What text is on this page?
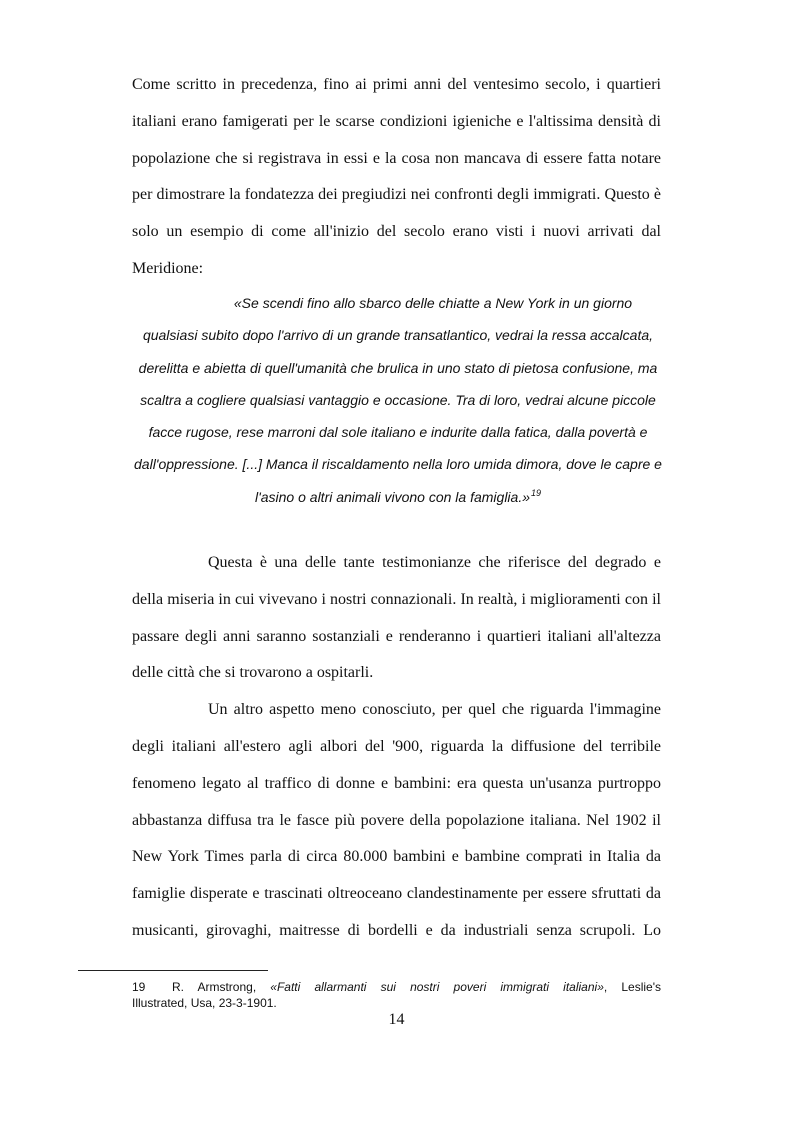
Come scritto in precedenza, fino ai primi anni del ventesimo secolo, i quartieri
italiani erano famigerati per le scarse condizioni igieniche e l'altissima densità di
popolazione che si registrava in essi e la cosa non mancava di essere fatta notare
per dimostrare la fondatezza dei pregiudizi nei confronti degli immigrati. Questo è
solo un esempio di come all'inizio del secolo erano visti i nuovi arrivati dal
Meridione:
«Se scendi fino allo sbarco delle chiatte a New York in un giorno
qualsiasi subito dopo l'arrivo di un grande transatlantico, vedrai la ressa accalcata,
derelitta e abietta di quell'umanità che brulica in uno stato di pietosa confusione, ma
scaltra a cogliere qualsiasi vantaggio e occasione. Tra di loro, vedrai alcune piccole
facce rugose, rese marroni dal sole italiano e indurite dalla fatica, dalla povertà e
dall'oppressione. [...] Manca il riscaldamento nella loro umida dimora, dove le capre e
l'asino o altri animali vivono con la famiglia.»$^{19}$
Questa è una delle tante testimonianze che riferisce del degrado e
della miseria in cui vivevano i nostri connazionali. In realtà, i miglioramenti con il
passare degli anni saranno sostanziali e renderanno i quartieri italiani all'altezza
delle città che si trovarono a ospitarli.
Un altro aspetto meno conosciuto, per quel che riguarda l'immagine
degli italiani all'estero agli albori del '900, riguarda la diffusione del terribile
fenomeno legato al traffico di donne e bambini: era questa un'usanza purtroppo
abbastanza diffusa tra le fasce più povere della popolazione italiana. Nel 1902 il
New York Times parla di circa 80.000 bambini e bambine comprati in Italia da
famiglie disperate e trascinati oltreoceano clandestinamente per essere sfruttati da
musicanti, girovaghi, maitresse di bordelli e da industriali senza scrupoli. Lo
19	R. Armstrong, «Fatti allarmanti sui nostri poveri immigrati italiani», Leslie's
Illustrated, Usa, 23-3-1901.
14
